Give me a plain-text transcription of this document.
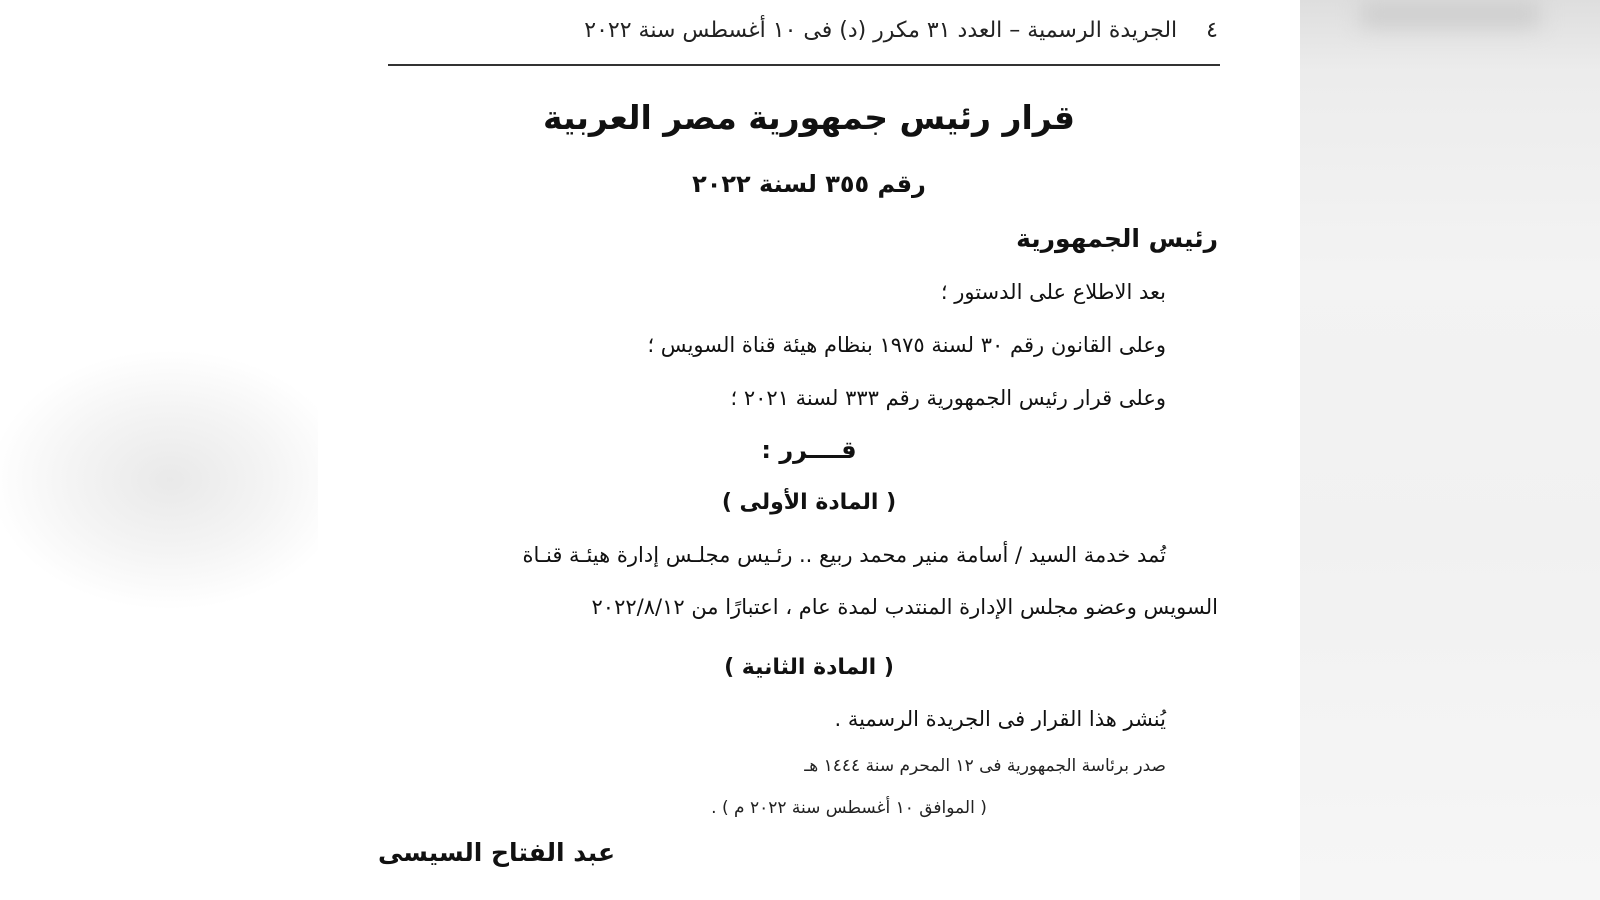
٤ الجريدة الرسمية – العدد ٣١ مكرر (د) فى ١٠ أغسطس سنة ٢٠٢٢
قرار رئيس جمهورية مصر العربية
رقم ٣٥٥ لسنة ٢٠٢٢
رئيس الجمهورية
بعد الاطلاع على الدستور ؛
وعلى القانون رقم ٣٠ لسنة ١٩٧٥ بنظام هيئة قناة السويس ؛
وعلى قرار رئيس الجمهورية رقم ٣٣٣ لسنة ٢٠٢١ ؛
قــــرر :
( المادة الأولى )
تُمد خدمة السيد / أسامة منير محمد ربيع .. رئـيس مجلـس إدارة هيئـة قنـاة
السويس وعضو مجلس الإدارة المنتدب لمدة عام ، اعتبارًا من ٢٠٢٢/٨/١٢
( المادة الثانية )
يُنشر هذا القرار فى الجريدة الرسمية .
صدر برئاسة الجمهورية فى ١٢ المحرم سنة ١٤٤٤ هـ
( الموافق ١٠ أغسطس سنة ٢٠٢٢ م ) .
عبد الفتاح السيسى
